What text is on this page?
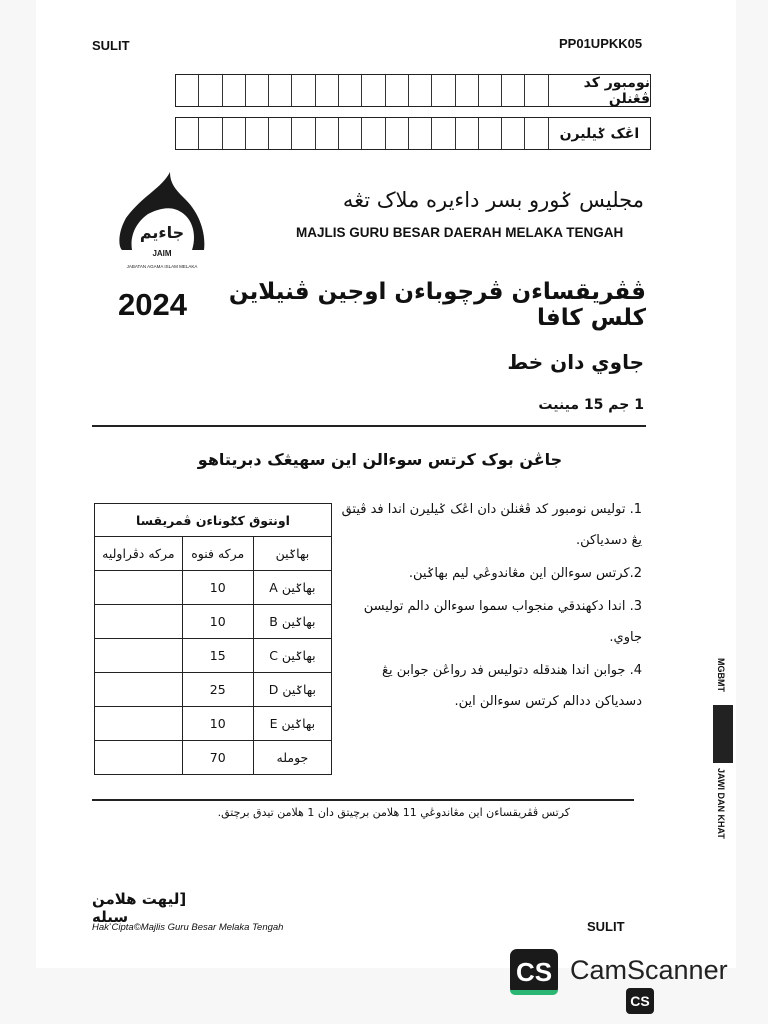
SULIT	PP01UPKK05
نومبور کد ڤڠنلن
اڠک ݢيليرن
جاءيم
JAIM
JABATAN AGAMA ISLAM MELAKA
مجليس ݢورو بسر داءيره ملاک تڠه
MAJLIS GURU BESAR DAERAH MELAKA TENGAH
2024	ڤڤريقساءن ڤرچوباءن اوجين ڤنيلاين کلس کافا
جاوي دان خط
1 جم 15 مينيت
جاڠن بوک کرتس سوءالن این سهيڠک دبريتاهو

1. توليس نومبور کد ڤڠنلن دان اڠک ݢيليرن اندا فد ڤيتق يڠ دسدياکن.

2.کرتس سوءالن این مڠاندوڠي ليم بهاݢين.

3. اندا دکهندقي منجواب سموا سوءالن دالم توليسن جاوي.

4. جوابن اندا هندقله دتوليس فد رواڠن جوابن يڠ دسدياکن ددالم کرتس سوءالن این.

اونتوق کݢوناءن ڤمريقسا		
بهاݢين	مرکه فنوه	مرکه دڤراوليه
بهاݢين A	10	
بهاݢين B	10	
بهاݢين C	15	
بهاݢين D	25	
بهاݢين E	10	
جومله	70	
کرتس ڤڤريقساءن این مڠاندوڠي 11 هلامن برچيتق دان 1 هلامن تيدق برچتق.
[ليهت هلامن سبله
Hak Cipta©Majlis Guru Besar Melaka Tengah	SULIT
MGBMT
JAWI DAN KHAT
CS CamScanner
CS
